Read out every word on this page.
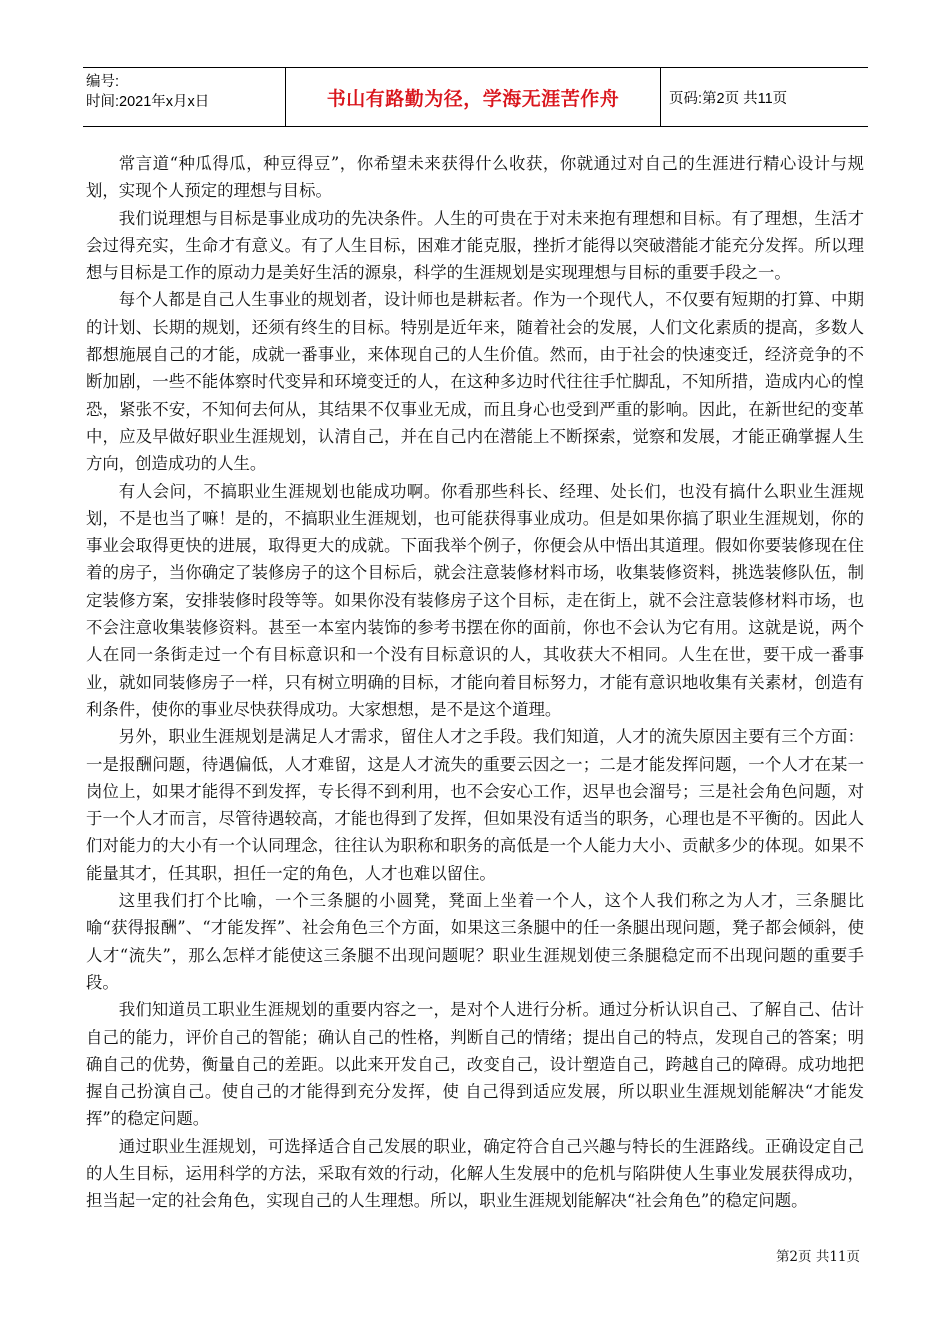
编号:
时间:2021年x月x日	书山有路勤为径，学海无涯苦作舟	页码:第2页 共11页

常言道“种瓜得瓜，种豆得豆”，你希望未来获得什么收获，你就通过对自己的生涯进行精心设计与规划，实现个人预定的理想与目标。

我们说理想与目标是事业成功的先决条件。人生的可贵在于对未来抱有理想和目标。有了理想，生活才会过得充实，生命才有意义。有了人生目标，困难才能克服，挫折才能得以突破潜能才能充分发挥。所以理想与目标是工作的原动力是美好生活的源泉，科学的生涯规划是实现理想与目标的重要手段之一。

每个人都是自己人生事业的规划者，设计师也是耕耘者。作为一个现代人，不仅要有短期的打算、中期的计划、长期的规划，还须有终生的目标。特别是近年来，随着社会的发展，人们文化素质的提高，多数人都想施展自己的才能，成就一番事业，来体现自己的人生价值。然而，由于社会的快速变迁，经济竞争的不断加剧，一些不能体察时代变异和环境变迁的人，在这种多边时代往往手忙脚乱，不知所措，造成内心的惶恐，紧张不安，不知何去何从，其结果不仅事业无成，而且身心也受到严重的影响。因此，在新世纪的变革中，应及早做好职业生涯规划，认清自己，并在自己内在潜能上不断探索，觉察和发展，才能正确掌握人生方向，创造成功的人生。

有人会问，不搞职业生涯规划也能成功啊。你看那些科长、经理、处长们，也没有搞什么职业生涯规划，不是也当了嘛！是的，不搞职业生涯规划，也可能获得事业成功。但是如果你搞了职业生涯规划，你的事业会取得更快的进展，取得更大的成就。下面我举个例子，你便会从中悟出其道理。假如你要装修现在住着的房子，当你确定了装修房子的这个目标后，就会注意装修材料市场，收集装修资料，挑选装修队伍，制定装修方案，安排装修时段等等。如果你没有装修房子这个目标，走在街上，就不会注意装修材料市场，也不会注意收集装修资料。甚至一本室内装饰的参考书摆在你的面前，你也不会认为它有用。这就是说，两个人在同一条街走过一个有目标意识和一个没有目标意识的人，其收获大不相同。人生在世，要干成一番事业，就如同装修房子一样，只有树立明确的目标，才能向着目标努力，才能有意识地收集有关素材，创造有利条件，使你的事业尽快获得成功。大家想想，是不是这个道理。

另外，职业生涯规划是满足人才需求，留住人才之手段。我们知道，人才的流失原因主要有三个方面：一是报酬问题，待遇偏低，人才难留，这是人才流失的重要云因之一；二是才能发挥问题，一个人才在某一岗位上，如果才能得不到发挥，专长得不到利用，也不会安心工作，迟早也会溜号；三是社会角色问题，对于一个人才而言，尽管待遇较高，才能也得到了发挥，但如果没有适当的职务，心理也是不平衡的。因此人们对能力的大小有一个认同理念，往往认为职称和职务的高低是一个人能力大小、贡献多少的体现。如果不能量其才，任其职，担任一定的角色，人才也难以留住。

这里我们打个比喻，一个三条腿的小圆凳，凳面上坐着一个人，这个人我们称之为人才，三条腿比喻“获得报酬”、“才能发挥”、社会角色三个方面，如果这三条腿中的任一条腿出现问题，凳子都会倾斜，使人才“流失”，那么怎样才能使这三条腿不出现问题呢？职业生涯规划使三条腿稳定而不出现问题的重要手段。

我们知道员工职业生涯规划的重要内容之一，是对个人进行分析。通过分析认识自己、了解自己、估计自己的能力，评价自己的智能；确认自己的性格，判断自己的情绪；提出自己的特点，发现自己的答案；明确自己的优势，衡量自己的差距。以此来开发自己，改变自己，设计塑造自己，跨越自己的障碍。成功地把握自己扮演自己。使自己的才能得到充分发挥，使 自己得到适应发展，所以职业生涯规划能解决“才能发挥”的稳定问题。

通过职业生涯规划，可选择适合自己发展的职业，确定符合自己兴趣与特长的生涯路线。正确设定自己的人生目标，运用科学的方法，采取有效的行动，化解人生发展中的危机与陷阱使人生事业发展获得成功，担当起一定的社会角色，实现自己的人生理想。所以，职业生涯规划能解决“社会角色”的稳定问题。

第2页 共11页
